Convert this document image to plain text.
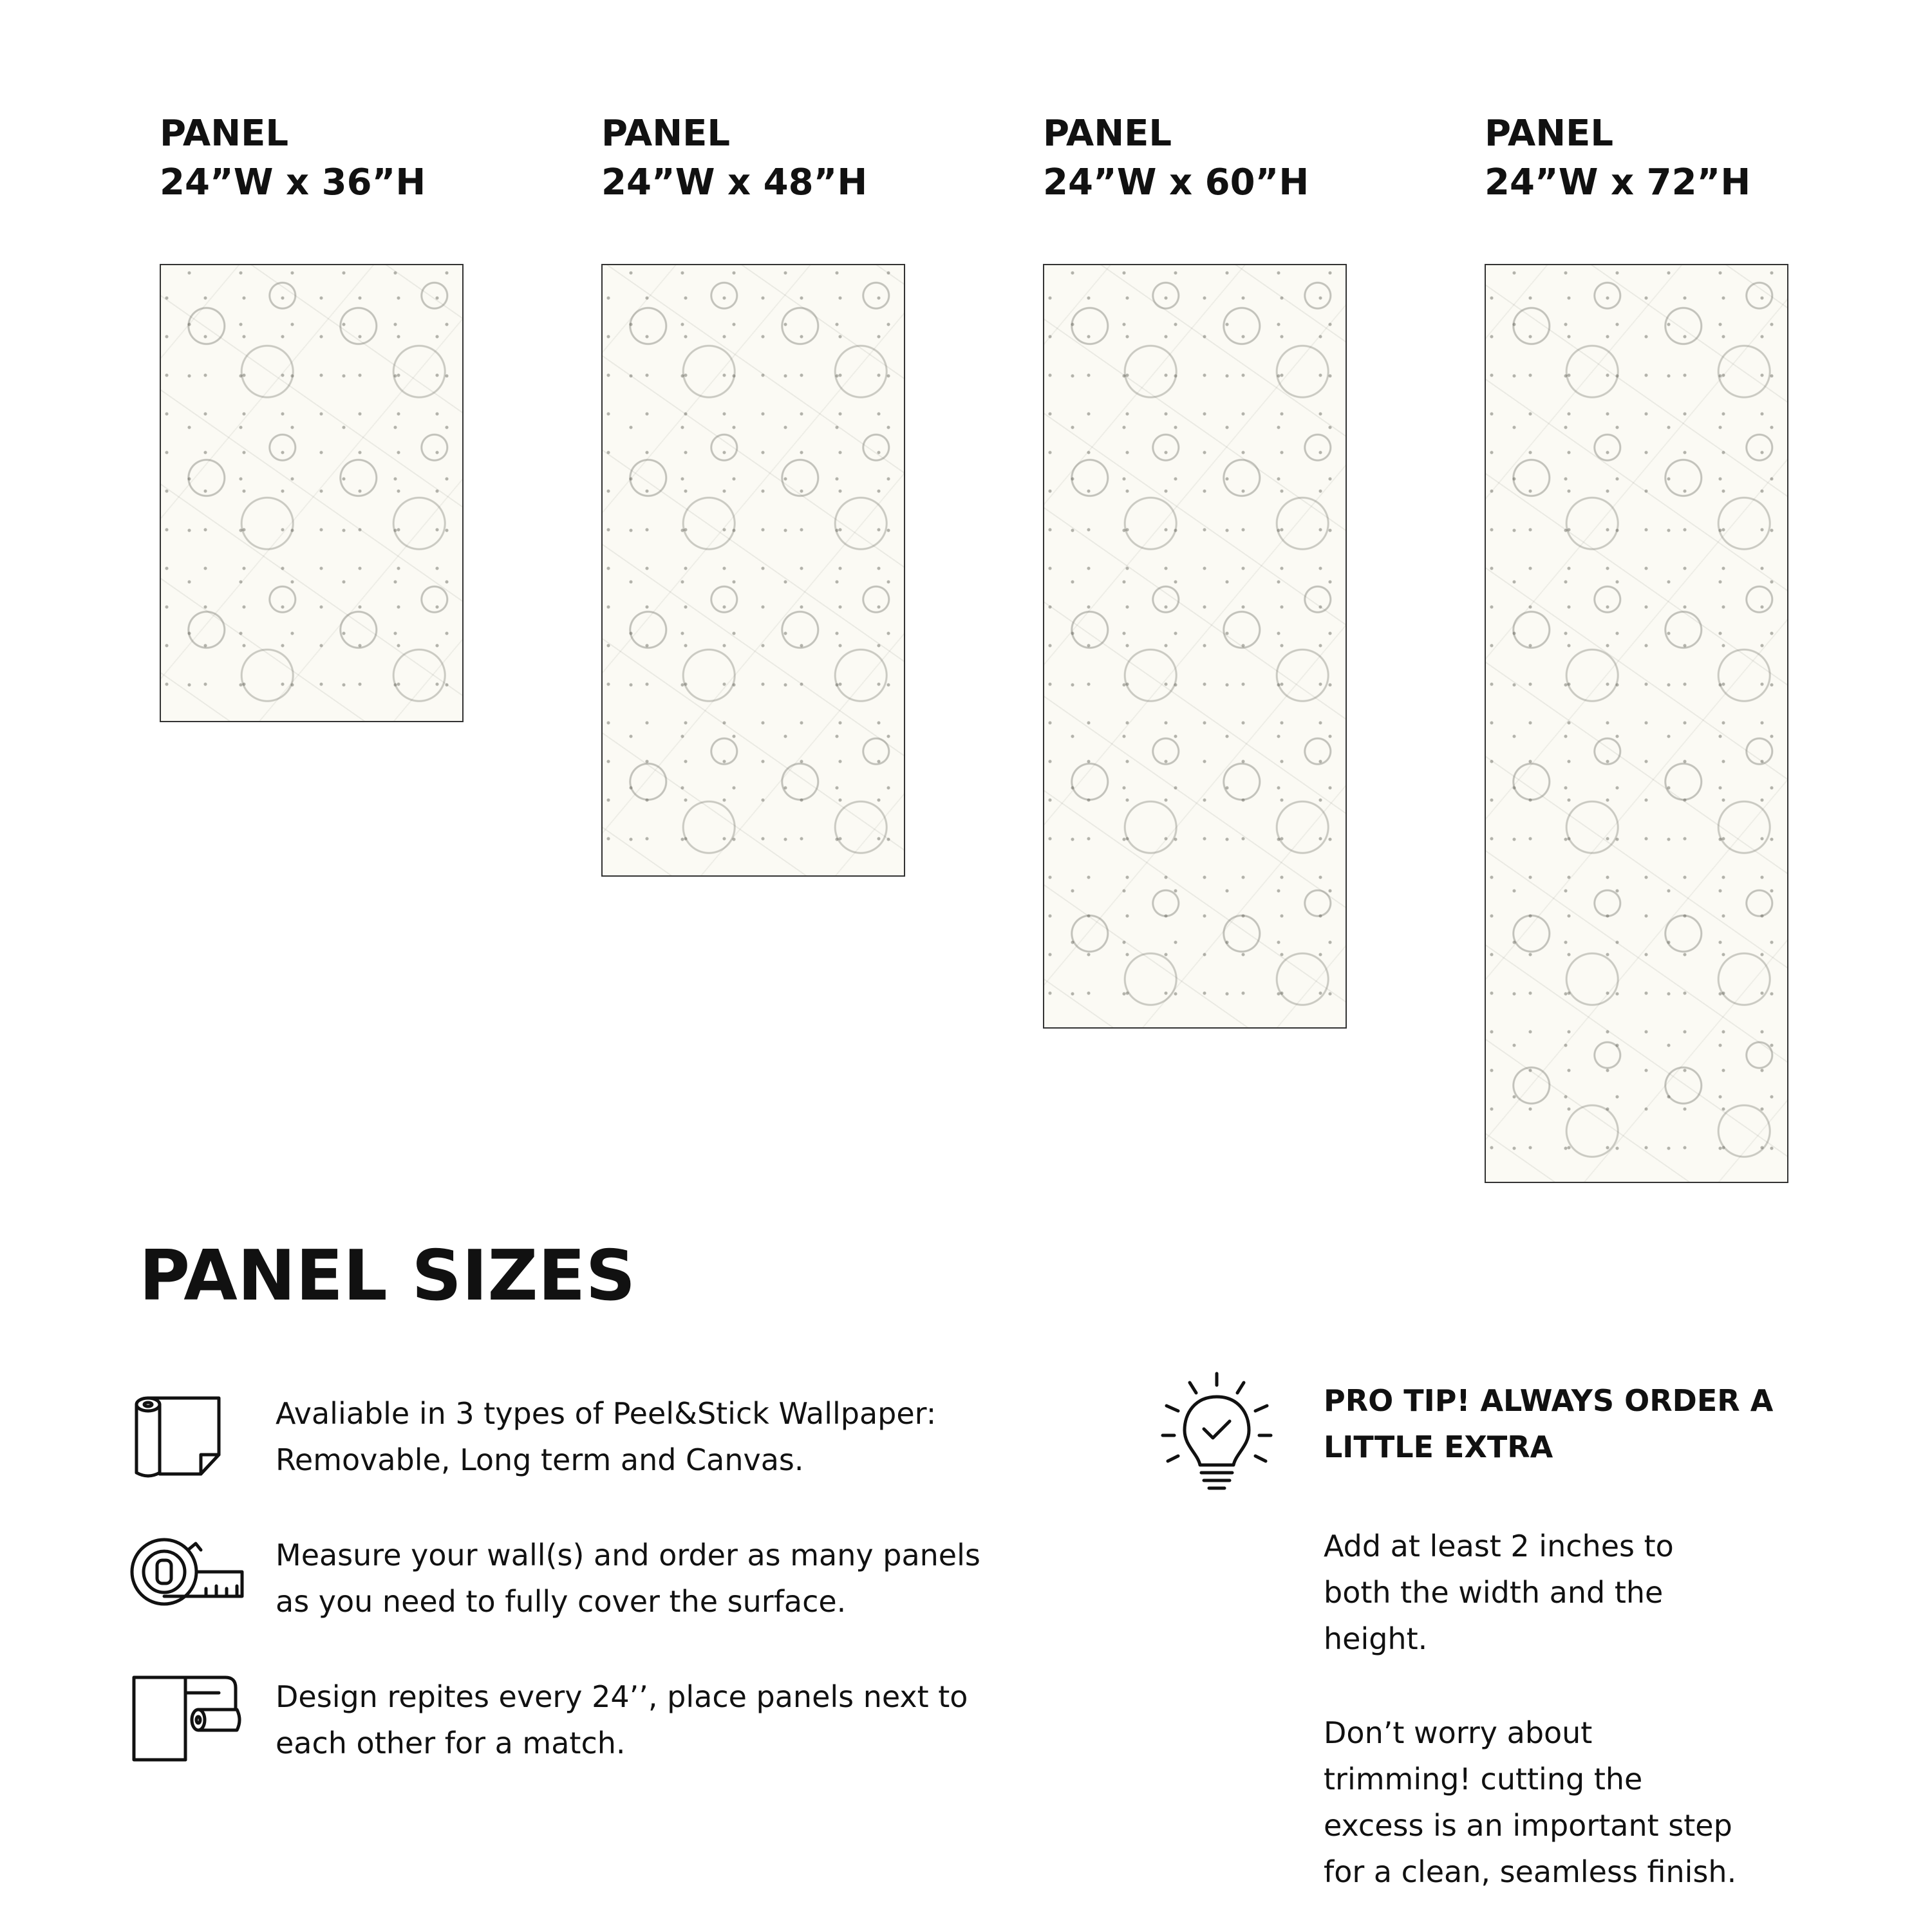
PANEL
24”W x 36”H
PANEL
24”W x 48”H
PANEL
24”W x 60”H
PANEL
24”W x 72”H
PANEL SIZES
Avaliable in 3 types of Peel&Stick Wallpaper:
Removable, Long term and Canvas.
Measure your wall(s) and order as many panels
as you need to fully cover the surface.
Design repites every 24’’, place panels next to
each other for a match.
PRO TIP! ALWAYS ORDER A
LITTLE EXTRA
Add at least 2 inches to
both the width and the
height.
Don’t worry about
trimming! cutting the
excess is an important step
for a clean, seamless finish.
